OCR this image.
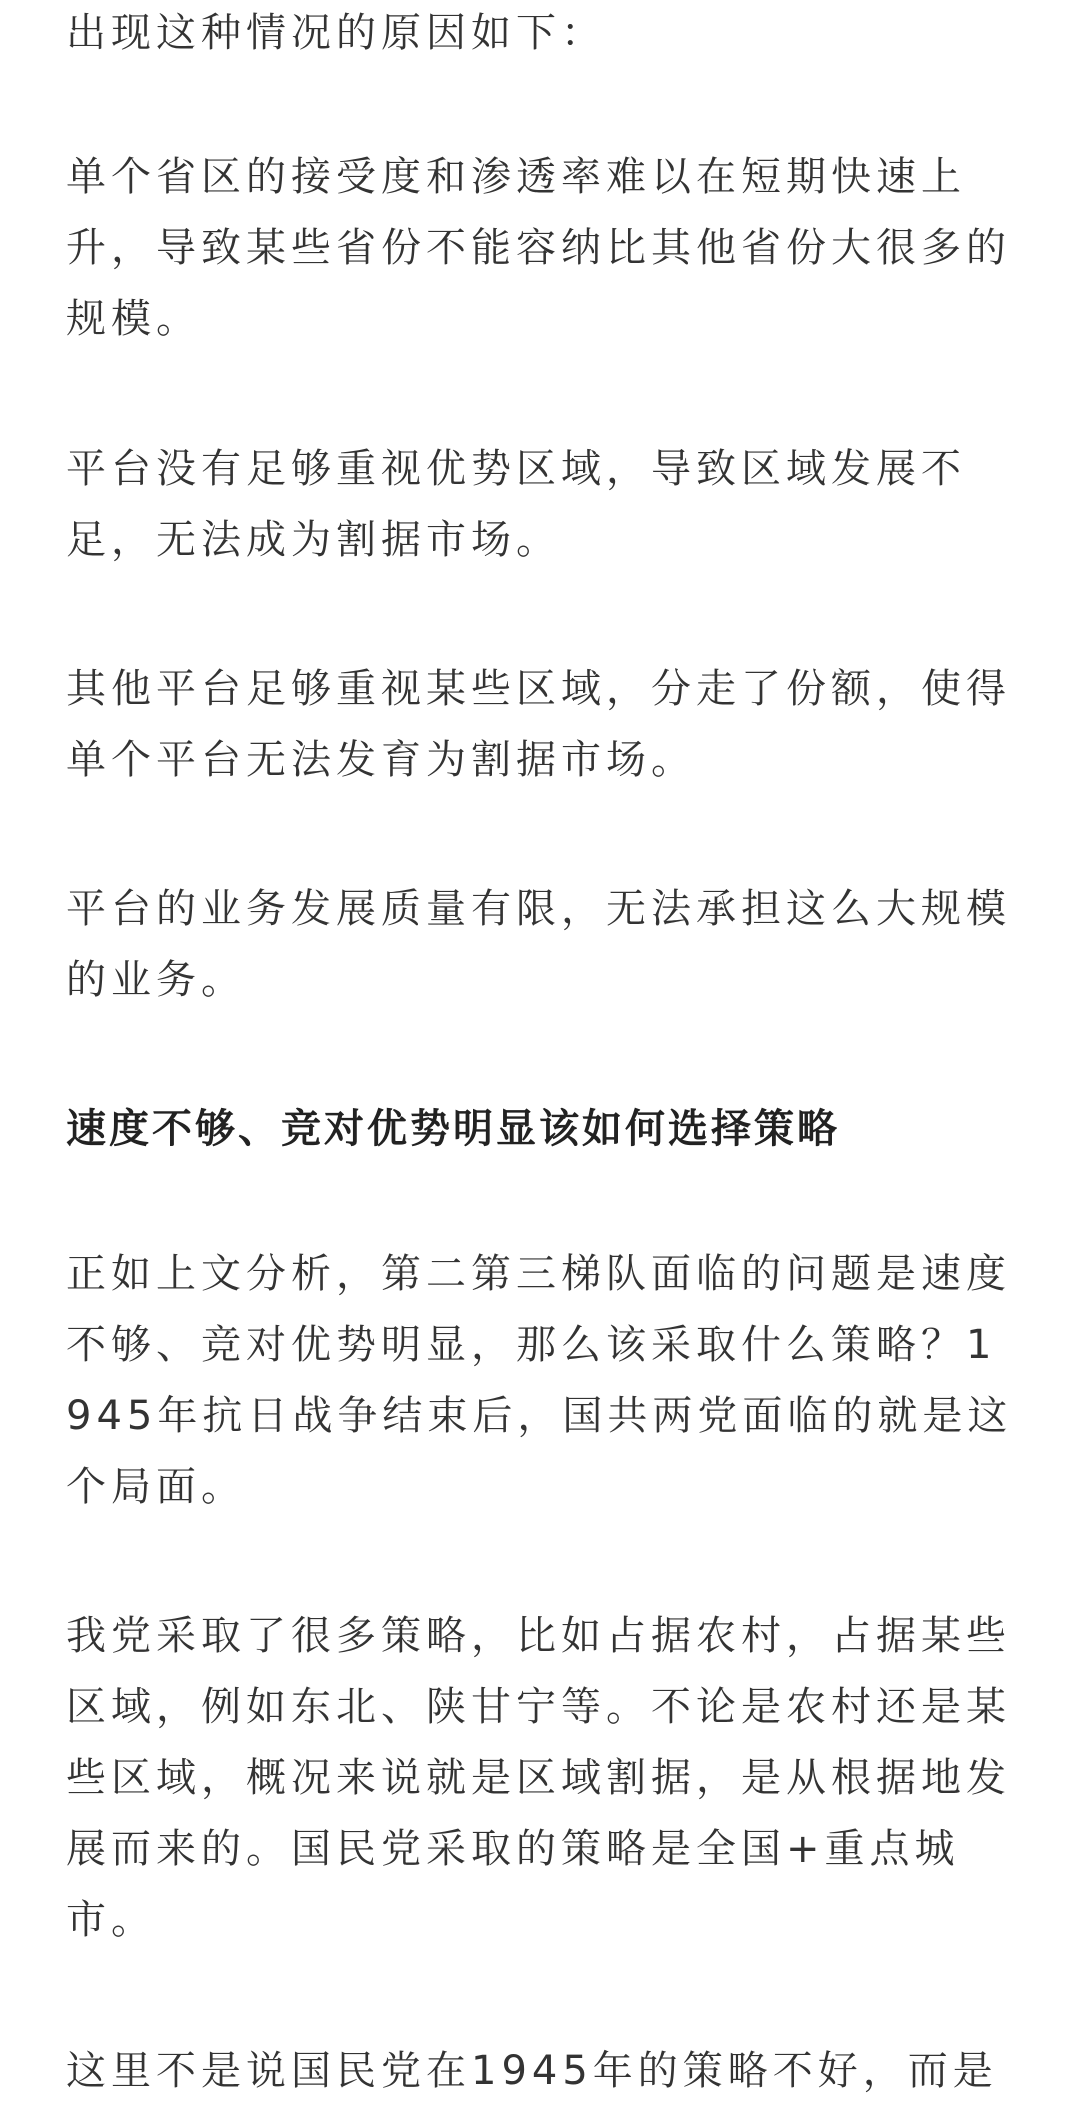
出现这种情况的原因如下：

单个省区的接受度和渗透率难以在短期快速上升，导致某些省份不能容纳比其他省份大很多的规模。

平台没有足够重视优势区域，导致区域发展不足，无法成为割据市场。

其他平台足够重视某些区域，分走了份额，使得单个平台无法发育为割据市场。

平台的业务发展质量有限，无法承担这么大规模的业务。

速度不够、竞对优势明显该如何选择策略

正如上文分析，第二第三梯队面临的问题是速度不够、竞对优势明显，那么该采取什么策略？1945年抗日战争结束后，国共两党面临的就是这个局面。

我党采取了很多策略，比如占据农村，占据某些区域，例如东北、陕甘宁等。不论是农村还是某些区域，概况来说就是区域割据，是从根据地发展而来的。国民党采取的策略是全国+重点城市。

这里不是说国民党在1945年的策略不好，而是
